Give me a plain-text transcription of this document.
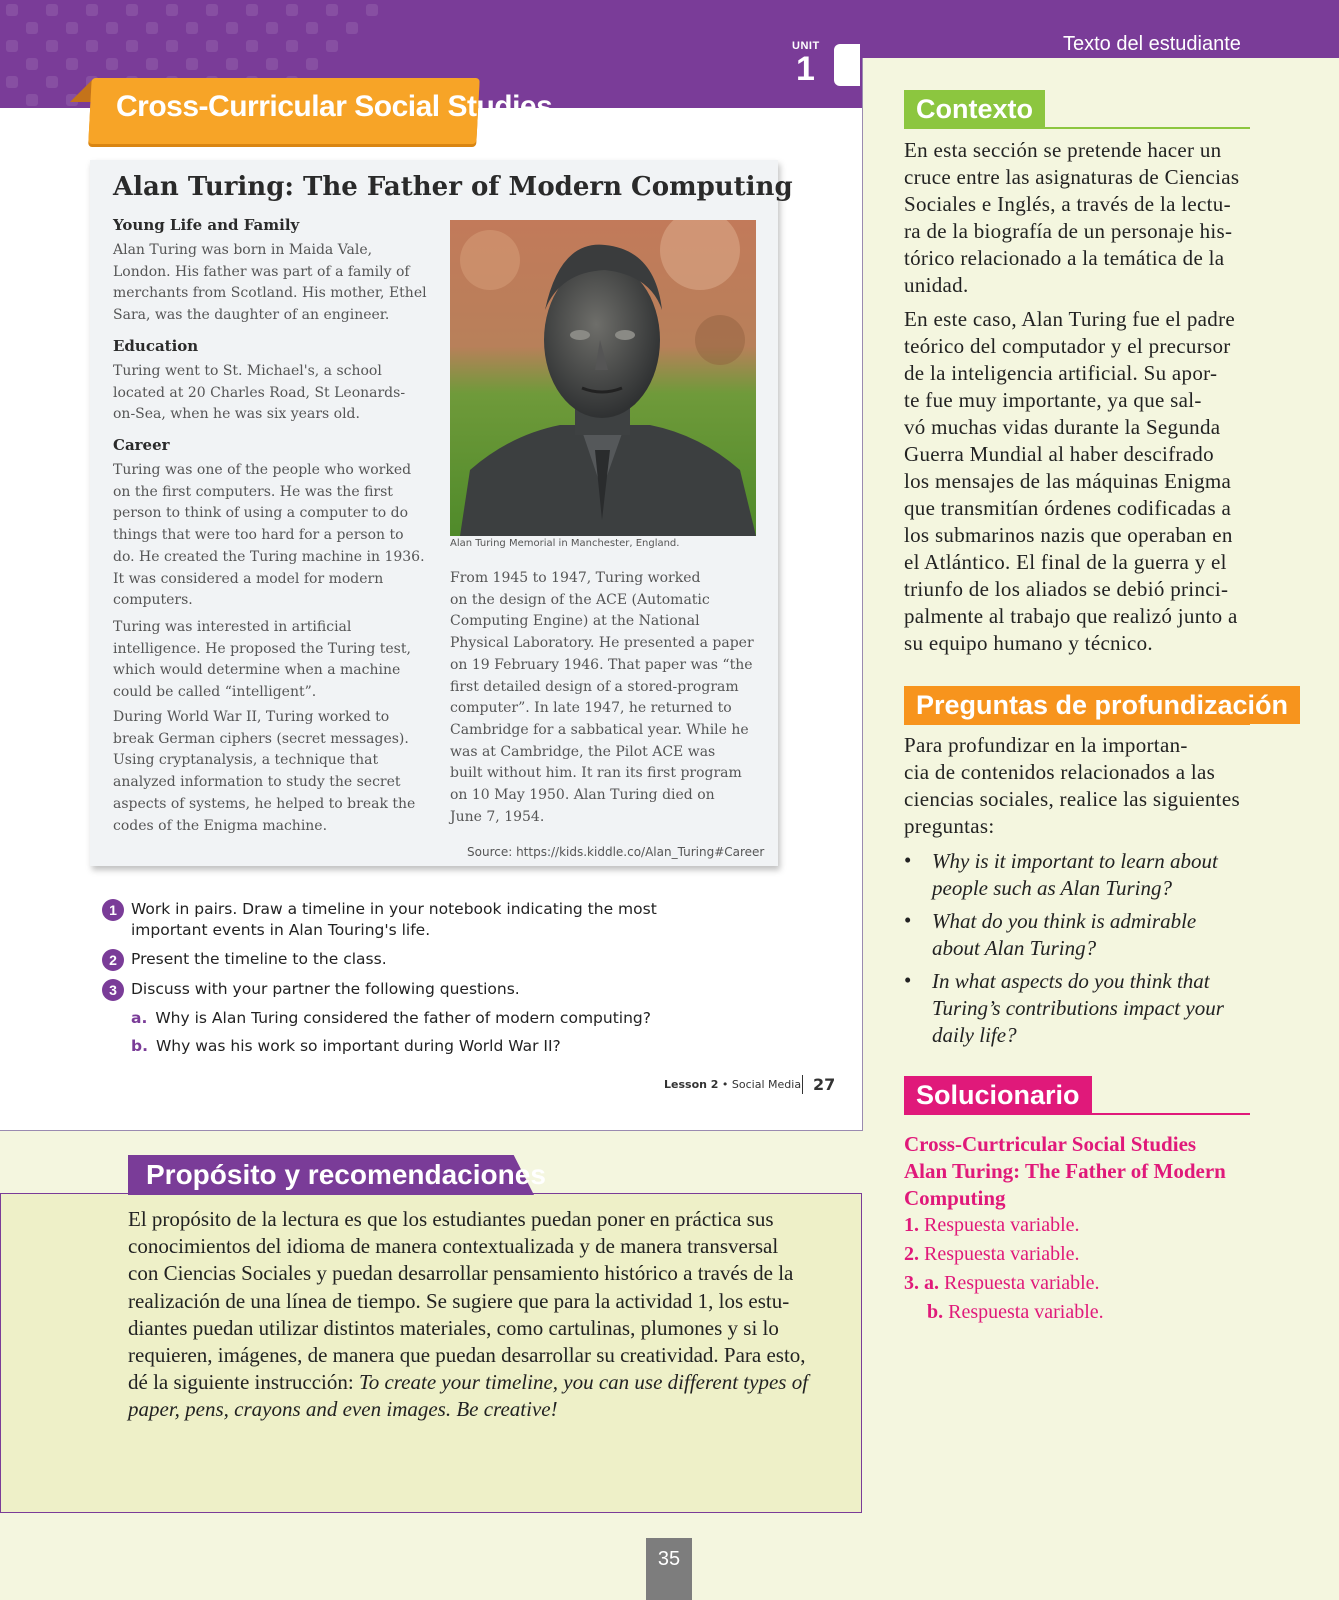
UNIT
1
Cross-Curricular Social Studies
Alan Turing: The Father of Modern Computing
Young Life and Family
Alan Turing was born in Maida Vale,
London. His father was part of a family of
merchants from Scotland. His mother, Ethel
Sara, was the daughter of an engineer.
Education
Turing went to St. Michael's, a school
located at 20 Charles Road, St Leonards-
on-Sea, when he was six years old.
Career
Turing was one of the people who worked
on the first computers. He was the first
person to think of using a computer to do
things that were too hard for a person to
do. He created the Turing machine in 1936.
It was considered a model for modern
computers.
Turing was interested in artificial
intelligence. He proposed the Turing test,
which would determine when a machine
could be called “intelligent”.
During World War II, Turing worked to
break German ciphers (secret messages).
Using cryptanalysis, a technique that
analyzed information to study the secret
aspects of systems, he helped to break the
codes of the Enigma machine.
Alan Turing Memorial in Manchester, England.
From 1945 to 1947, Turing worked
on the design of the ACE (Automatic
Computing Engine) at the National
Physical Laboratory. He presented a paper
on 19 February 1946. That paper was “the
first detailed design of a stored-program
computer”. In late 1947, he returned to
Cambridge for a sabbatical year. While he
was at Cambridge, the Pilot ACE was
built without him. It ran its first program
on 10 May 1950. Alan Turing died on
June 7, 1954.
Source: https://kids.kiddle.co/Alan_Turing#Career
1 Work in pairs. Draw a timeline in your notebook indicating the most
important events in Alan Touring's life.
2 Present the timeline to the class.
3 Discuss with your partner the following questions.
a. Why is Alan Turing considered the father of modern computing?
b. Why was his work so important during World War II?
Lesson 2 • Social Media 27
Texto del estudiante
Contexto
En esta sección se pretende hacer un
cruce entre las asignaturas de Ciencias
Sociales e Inglés, a través de la lectu-
ra de la biografía de un personaje his-
tórico relacionado a la temática de la
unidad.
En este caso, Alan Turing fue el padre
teórico del computador y el precursor
de la inteligencia artificial. Su apor-
te fue muy importante, ya que sal-
vó muchas vidas durante la Segunda
Guerra Mundial al haber descifrado
los mensajes de las máquinas Enigma
que transmitían órdenes codificadas a
los submarinos nazis que operaban en
el Atlántico. El final de la guerra y el
triunfo de los aliados se debió princi-
palmente al trabajo que realizó junto a
su equipo humano y técnico.
Preguntas de profundización
Para profundizar en la importan-
cia de contenidos relacionados a las
ciencias sociales, realice las siguientes
preguntas:
• Why is it important to learn about
people such as Alan Turing?
• What do you think is admirable
about Alan Turing?
• In what aspects do you think that
Turing’s contributions impact your
daily life?
Solucionario
Cross-Curtricular Social Studies
Alan Turing: The Father of Modern
Computing
1. Respuesta variable.
2. Respuesta variable.
3. a. Respuesta variable.
b. Respuesta variable.
Propósito y recomendaciones
El propósito de la lectura es que los estudiantes puedan poner en práctica sus
conocimientos del idioma de manera contextualizada y de manera transversal
con Ciencias Sociales y puedan desarrollar pensamiento histórico a través de la
realización de una línea de tiempo. Se sugiere que para la actividad 1, los estu-
diantes puedan utilizar distintos materiales, como cartulinas, plumones y si lo
requieren, imágenes, de manera que puedan desarrollar su creatividad. Para esto,
dé la siguiente instrucción: To create your timeline, you can use different types of
paper, pens, crayons and even images. Be creative!
35
